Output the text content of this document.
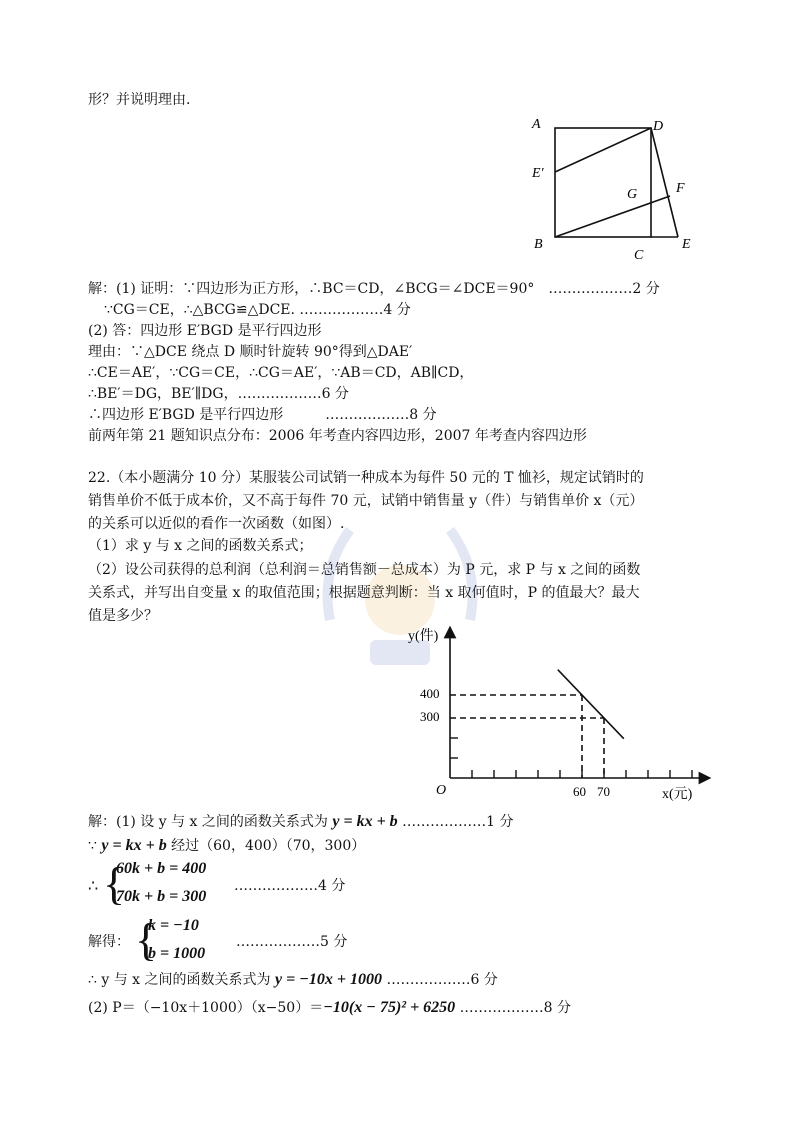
形？并说明理由.
A	D
E′
G	F
B
C
E
解：(1) 证明：∵四边形为正方形，∴BC＝CD，∠BCG＝∠DCE＝90°　………………2 分
∵CG＝CE，∴△BCG≌△DCE. ………………4 分
(2) 答：四边形 E′BGD 是平行四边形
理由：∵△DCE 绕点 D 顺时针旋转 90°得到△DAE′
∴CE＝AE′，∵CG＝CE，∴CG＝AE′，∵AB＝CD，AB∥CD，
∴BE′＝DG，BE′∥DG，………………6 分
∴四边形 E′BGD 是平行四边形　　　………………8 分
前两年第 21 题知识点分布：2006 年考查内容四边形，2007 年考查内容四边形
22.（本小题满分 10 分）某服装公司试销一种成本为每件 50 元的 T 恤衫，规定试销时的
销售单价不低于成本价，又不高于每件 70 元，试销中销售量 y（件）与销售单价 x（元）
的关系可以近似的看作一次函数（如图）.
（1）求 y 与 x 之间的函数关系式；
（2）设公司获得的总利润（总利润＝总销售额－总成本）为 P 元，求 P 与 x 之间的函数
关系式，并写出自变量 x 的取值范围；根据题意判断：当 x 取何值时，P 的值最大？最大
值是多少？
y(件)
x(元)
O
400
300
60 70
解：(1) 设 y 与 x 之间的函数关系式为 y = kx + b ………………1 分
∵ y = kx + b 经过（60，400）（70，300）
∴ {
60k + b = 400
70k + b = 300
………………4 分
解得： {
k = −10
b = 1000
………………5 分
∴ y 与 x 之间的函数关系式为 y = −10x + 1000 ………………6 分
(2) P＝（−10x＋1000）（x−50）＝−10(x − 75)² + 6250 ………………8 分
